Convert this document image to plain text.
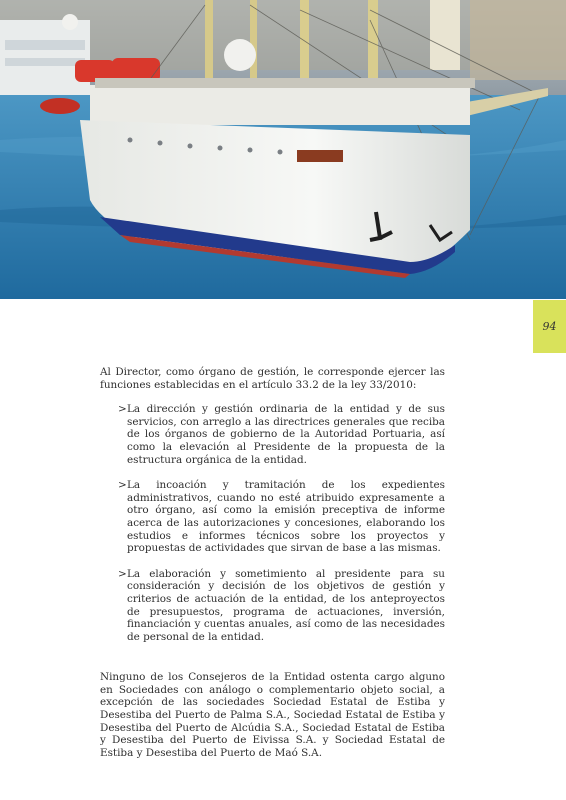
94

Al Director, como órgano de gestión, le corresponde ejercer las funciones establecidas en el artículo 33.2 de la ley 33/2010:

> La dirección y gestión ordinaria de la entidad y de sus servicios, con arreglo a las directrices generales que reciba de los órganos de gobierno de la Autoridad Portuaria, así como la elevación al Presidente de la propuesta de la estructura orgánica de la entidad.
> La incoación y tramitación de los expedientes administrativos, cuando no esté atribuido expresamente a otro órgano, así como la emisión preceptiva de informe acerca de las autorizaciones y concesiones, elaborando los estudios e informes técnicos sobre los proyectos y propuestas de actividades que sirvan de base a las mismas.
> La elaboración y sometimiento al presidente para su consideración y decisión de los objetivos de gestión y criterios de actuación de la entidad, de los anteproyectos de presupuestos, programa de actuaciones, inversión, financiación y cuentas anuales, así como de las necesidades de personal de la entidad.

Ninguno de los Consejeros de la Entidad ostenta cargo alguno en Sociedades con análogo o complementario objeto social, a excepción de las sociedades Sociedad Estatal de Estiba y Desestiba del Puerto de Palma S.A., Sociedad Estatal de Estiba y Desestiba del Puerto de Alcúdia S.A., Sociedad Estatal de Estiba y Desestiba del Puerto de Eivissa S.A. y Sociedad Estatal de Estiba y Desestiba del Puerto de Maó S.A.
